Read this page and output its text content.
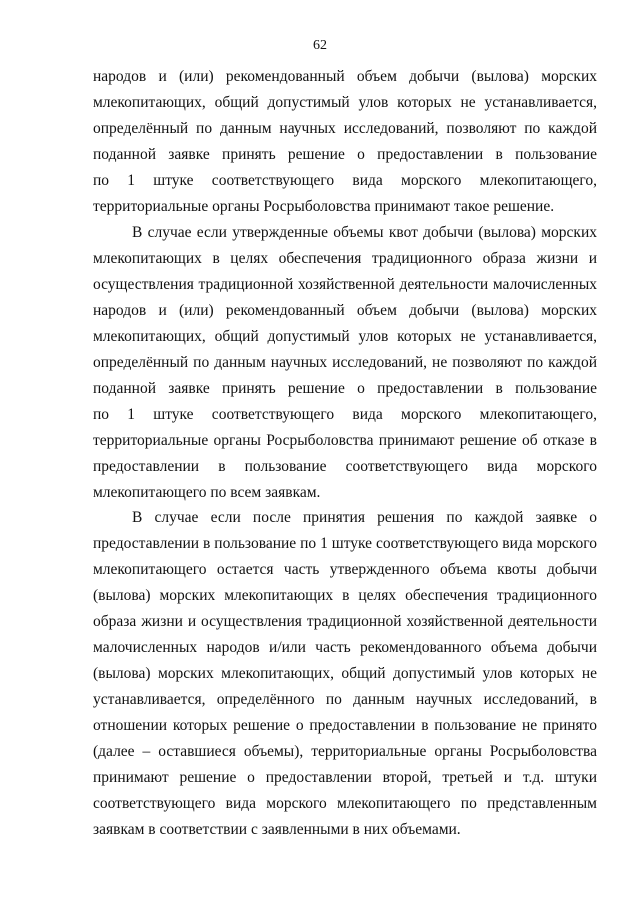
62

народов и (или) рекомендованный объем добычи (вылова) морских

млекопитающих, общий допустимый улов которых не устанавливается,

определённый по данным научных исследований, позволяют по каждой

поданной заявке принять решение о предоставлении в пользование

по 1 штуке соответствующего вида морского млекопитающего,

территориальные органы Росрыболовства принимают такое решение.

В случае если утвержденные объемы квот добычи (вылова) морских

млекопитающих в целях обеспечения традиционного образа жизни и

осуществления традиционной хозяйственной деятельности малочисленных

народов и (или) рекомендованный объем добычи (вылова) морских

млекопитающих, общий допустимый улов которых не устанавливается,

определённый по данным научных исследований, не позволяют по каждой

поданной заявке принять решение о предоставлении в пользование

по 1 штуке соответствующего вида морского млекопитающего,

территориальные органы Росрыболовства принимают решение об отказе в

предоставлении в пользование соответствующего вида морского

млекопитающего по всем заявкам.

В случае если после принятия решения по каждой заявке о

предоставлении в пользование по 1 штуке соответствующего вида морского

млекопитающего остается часть утвержденного объема квоты добычи

(вылова) морских млекопитающих в целях обеспечения традиционного

образа жизни и осуществления традиционной хозяйственной деятельности

малочисленных народов и/или часть рекомендованного объема добычи

(вылова) морских млекопитающих, общий допустимый улов которых не

устанавливается, определённого по данным научных исследований, в

отношении которых решение о предоставлении в пользование не принято

(далее – оставшиеся объемы), территориальные органы Росрыболовства

принимают решение о предоставлении второй, третьей и т.д. штуки

соответствующего вида морского млекопитающего по представленным

заявкам в соответствии с заявленными в них объемами.
